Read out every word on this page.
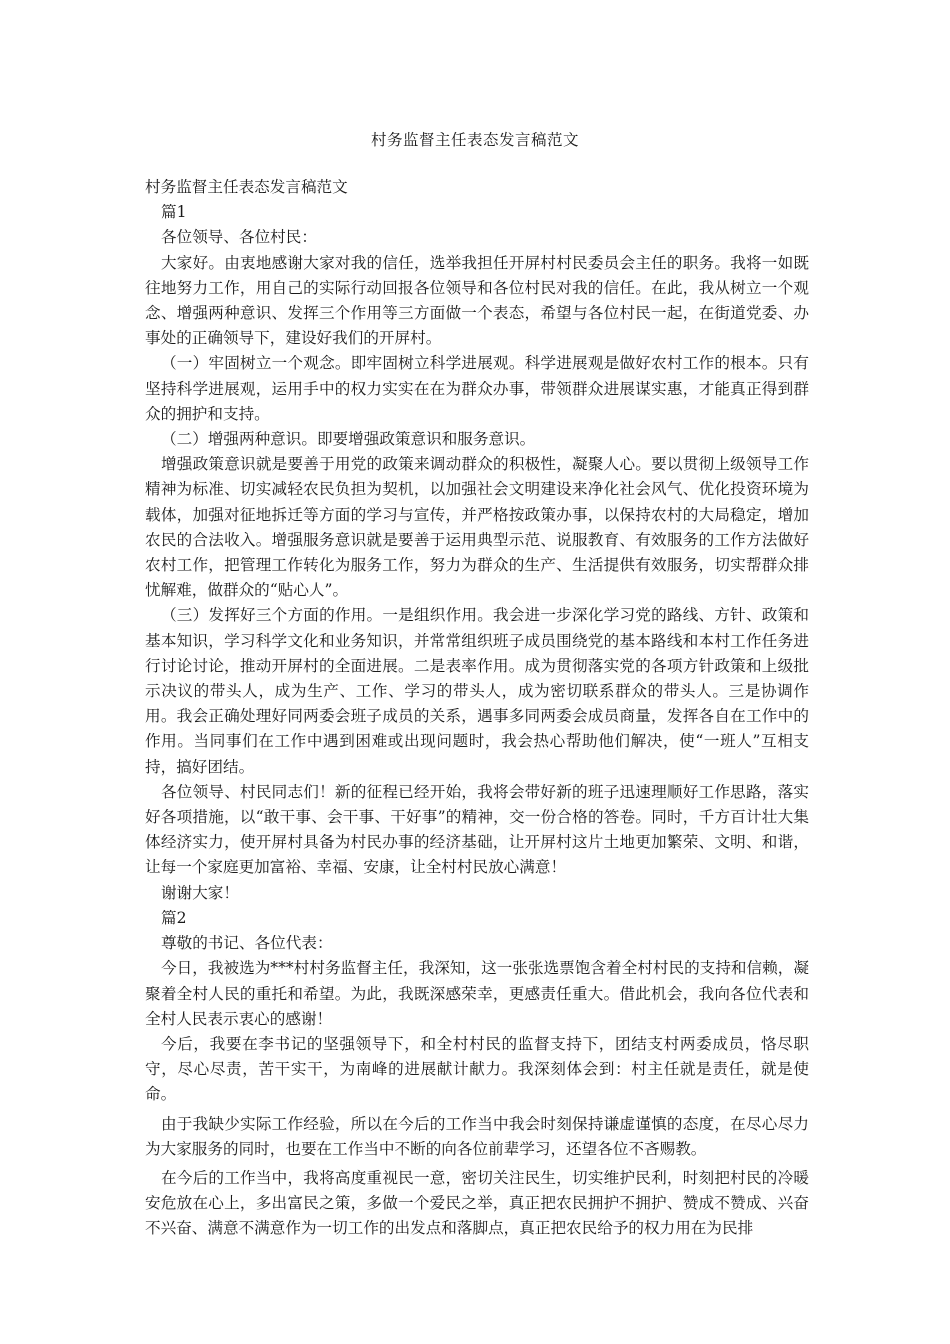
村务监督主任表态发言稿范文

村务监督主任表态发言稿范文

篇1

各位领导、各位村民：

大家好。由衷地感谢大家对我的信任，选举我担任开屏村村民委员会主任的职务。我将一如既往地努力工作，用自己的实际行动回报各位领导和各位村民对我的信任。在此，我从树立一个观念、增强两种意识、发挥三个作用等三方面做一个表态，希望与各位村民一起，在街道党委、办事处的正确领导下，建设好我们的开屏村。

（一）牢固树立一个观念。即牢固树立科学进展观。科学进展观是做好农村工作的根本。只有坚持科学进展观，运用手中的权力实实在在为群众办事，带领群众进展谋实惠，才能真正得到群众的拥护和支持。

（二）增强两种意识。即要增强政策意识和服务意识。

增强政策意识就是要善于用党的政策来调动群众的积极性，凝聚人心。要以贯彻上级领导工作精神为标准、切实减轻农民负担为契机，以加强社会文明建设来净化社会风气、优化投资环境为载体，加强对征地拆迁等方面的学习与宣传，并严格按政策办事，以保持农村的大局稳定，增加农民的合法收入。增强服务意识就是要善于运用典型示范、说服教育、有效服务的工作方法做好农村工作，把管理工作转化为服务工作，努力为群众的生产、生活提供有效服务，切实帮群众排忧解难，做群众的“贴心人”。

（三）发挥好三个方面的作用。一是组织作用。我会进一步深化学习党的路线、方针、政策和基本知识，学习科学文化和业务知识，并常常组织班子成员围绕党的基本路线和本村工作任务进行讨论讨论，推动开屏村的全面进展。二是表率作用。成为贯彻落实党的各项方针政策和上级批示决议的带头人，成为生产、工作、学习的带头人，成为密切联系群众的带头人。三是协调作用。我会正确处理好同两委会班子成员的关系，遇事多同两委会成员商量，发挥各自在工作中的作用。当同事们在工作中遇到困难或出现问题时，我会热心帮助他们解决，使“一班人”互相支持，搞好团结。

各位领导、村民同志们！新的征程已经开始，我将会带好新的班子迅速理顺好工作思路，落实好各项措施，以“敢干事、会干事、干好事”的精神，交一份合格的答卷。同时，千方百计壮大集体经济实力，使开屏村具备为村民办事的经济基础，让开屏村这片土地更加繁荣、文明、和谐，让每一个家庭更加富裕、幸福、安康，让全村村民放心满意！

谢谢大家！

篇2

尊敬的书记、各位代表：

今日，我被选为***村村务监督主任，我深知，这一张张选票饱含着全村村民的支持和信赖，凝聚着全村人民的重托和希望。为此，我既深感荣幸，更感责任重大。借此机会，我向各位代表和全村人民表示衷心的感谢！

今后，我要在李书记的坚强领导下，和全村村民的监督支持下，团结支村两委成员，恪尽职守，尽心尽责，苦干实干，为南峰的进展献计献力。我深刻体会到：村主任就是责任，就是使命。

由于我缺少实际工作经验，所以在今后的工作当中我会时刻保持谦虚谨慎的态度，在尽心尽力为大家服务的同时，也要在工作当中不断的向各位前辈学习，还望各位不吝赐教。

在今后的工作当中，我将高度重视民一意，密切关注民生，切实维护民利，时刻把村民的冷暖安危放在心上，多出富民之策，多做一个爱民之举，真正把农民拥护不拥护、赞成不赞成、兴奋不兴奋、满意不满意作为一切工作的出发点和落脚点，真正把农民给予的权力用在为民排
